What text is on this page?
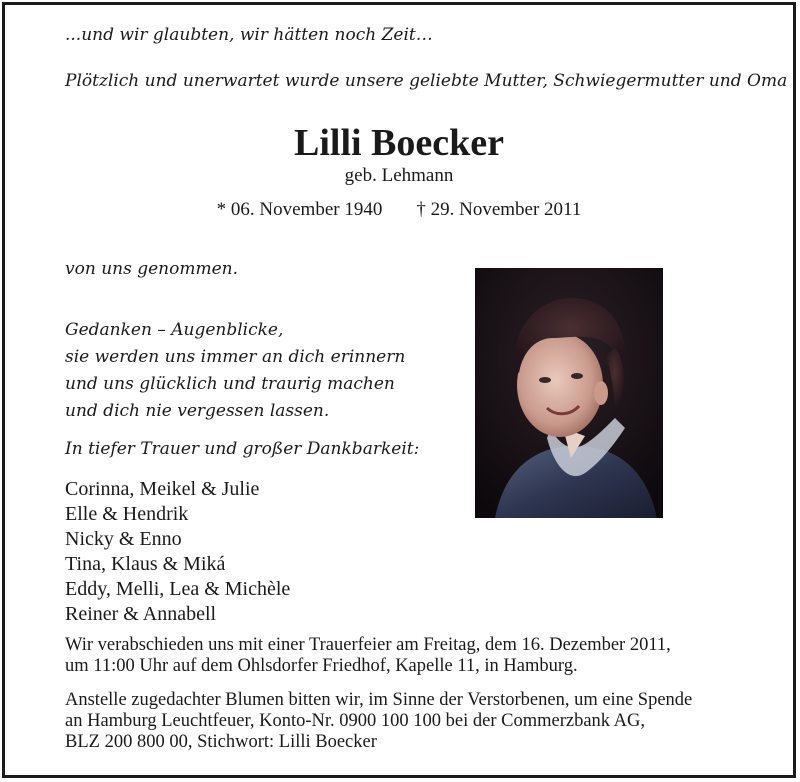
...und wir glaubten, wir hätten noch Zeit…
Plötzlich und unerwartet wurde unsere geliebte Mutter, Schwiegermutter und Oma
Lilli Boecker
geb. Lehmann
* 06. November 1940 † 29. November 2011
von uns genommen.
Gedanken – Augenblicke,
sie werden uns immer an dich erinnern
und uns glücklich und traurig machen
und dich nie vergessen lassen.
In tiefer Trauer und großer Dankbarkeit:
Corinna, Meikel & Julie
Elle & Hendrik
Nicky & Enno
Tina, Klaus & Miká
Eddy, Melli, Lea & Michèle
Reiner & Annabell
Wir verabschieden uns mit einer Trauerfeier am Freitag, dem 16. Dezember 2011,
um 11:00 Uhr auf dem Ohlsdorfer Friedhof, Kapelle 11, in Hamburg.
Anstelle zugedachter Blumen bitten wir, im Sinne der Verstorbenen, um eine Spende
an Hamburg Leuchtfeuer, Konto-Nr. 0900 100 100 bei der Commerzbank AG,
BLZ 200 800 00, Stichwort: Lilli Boecker
